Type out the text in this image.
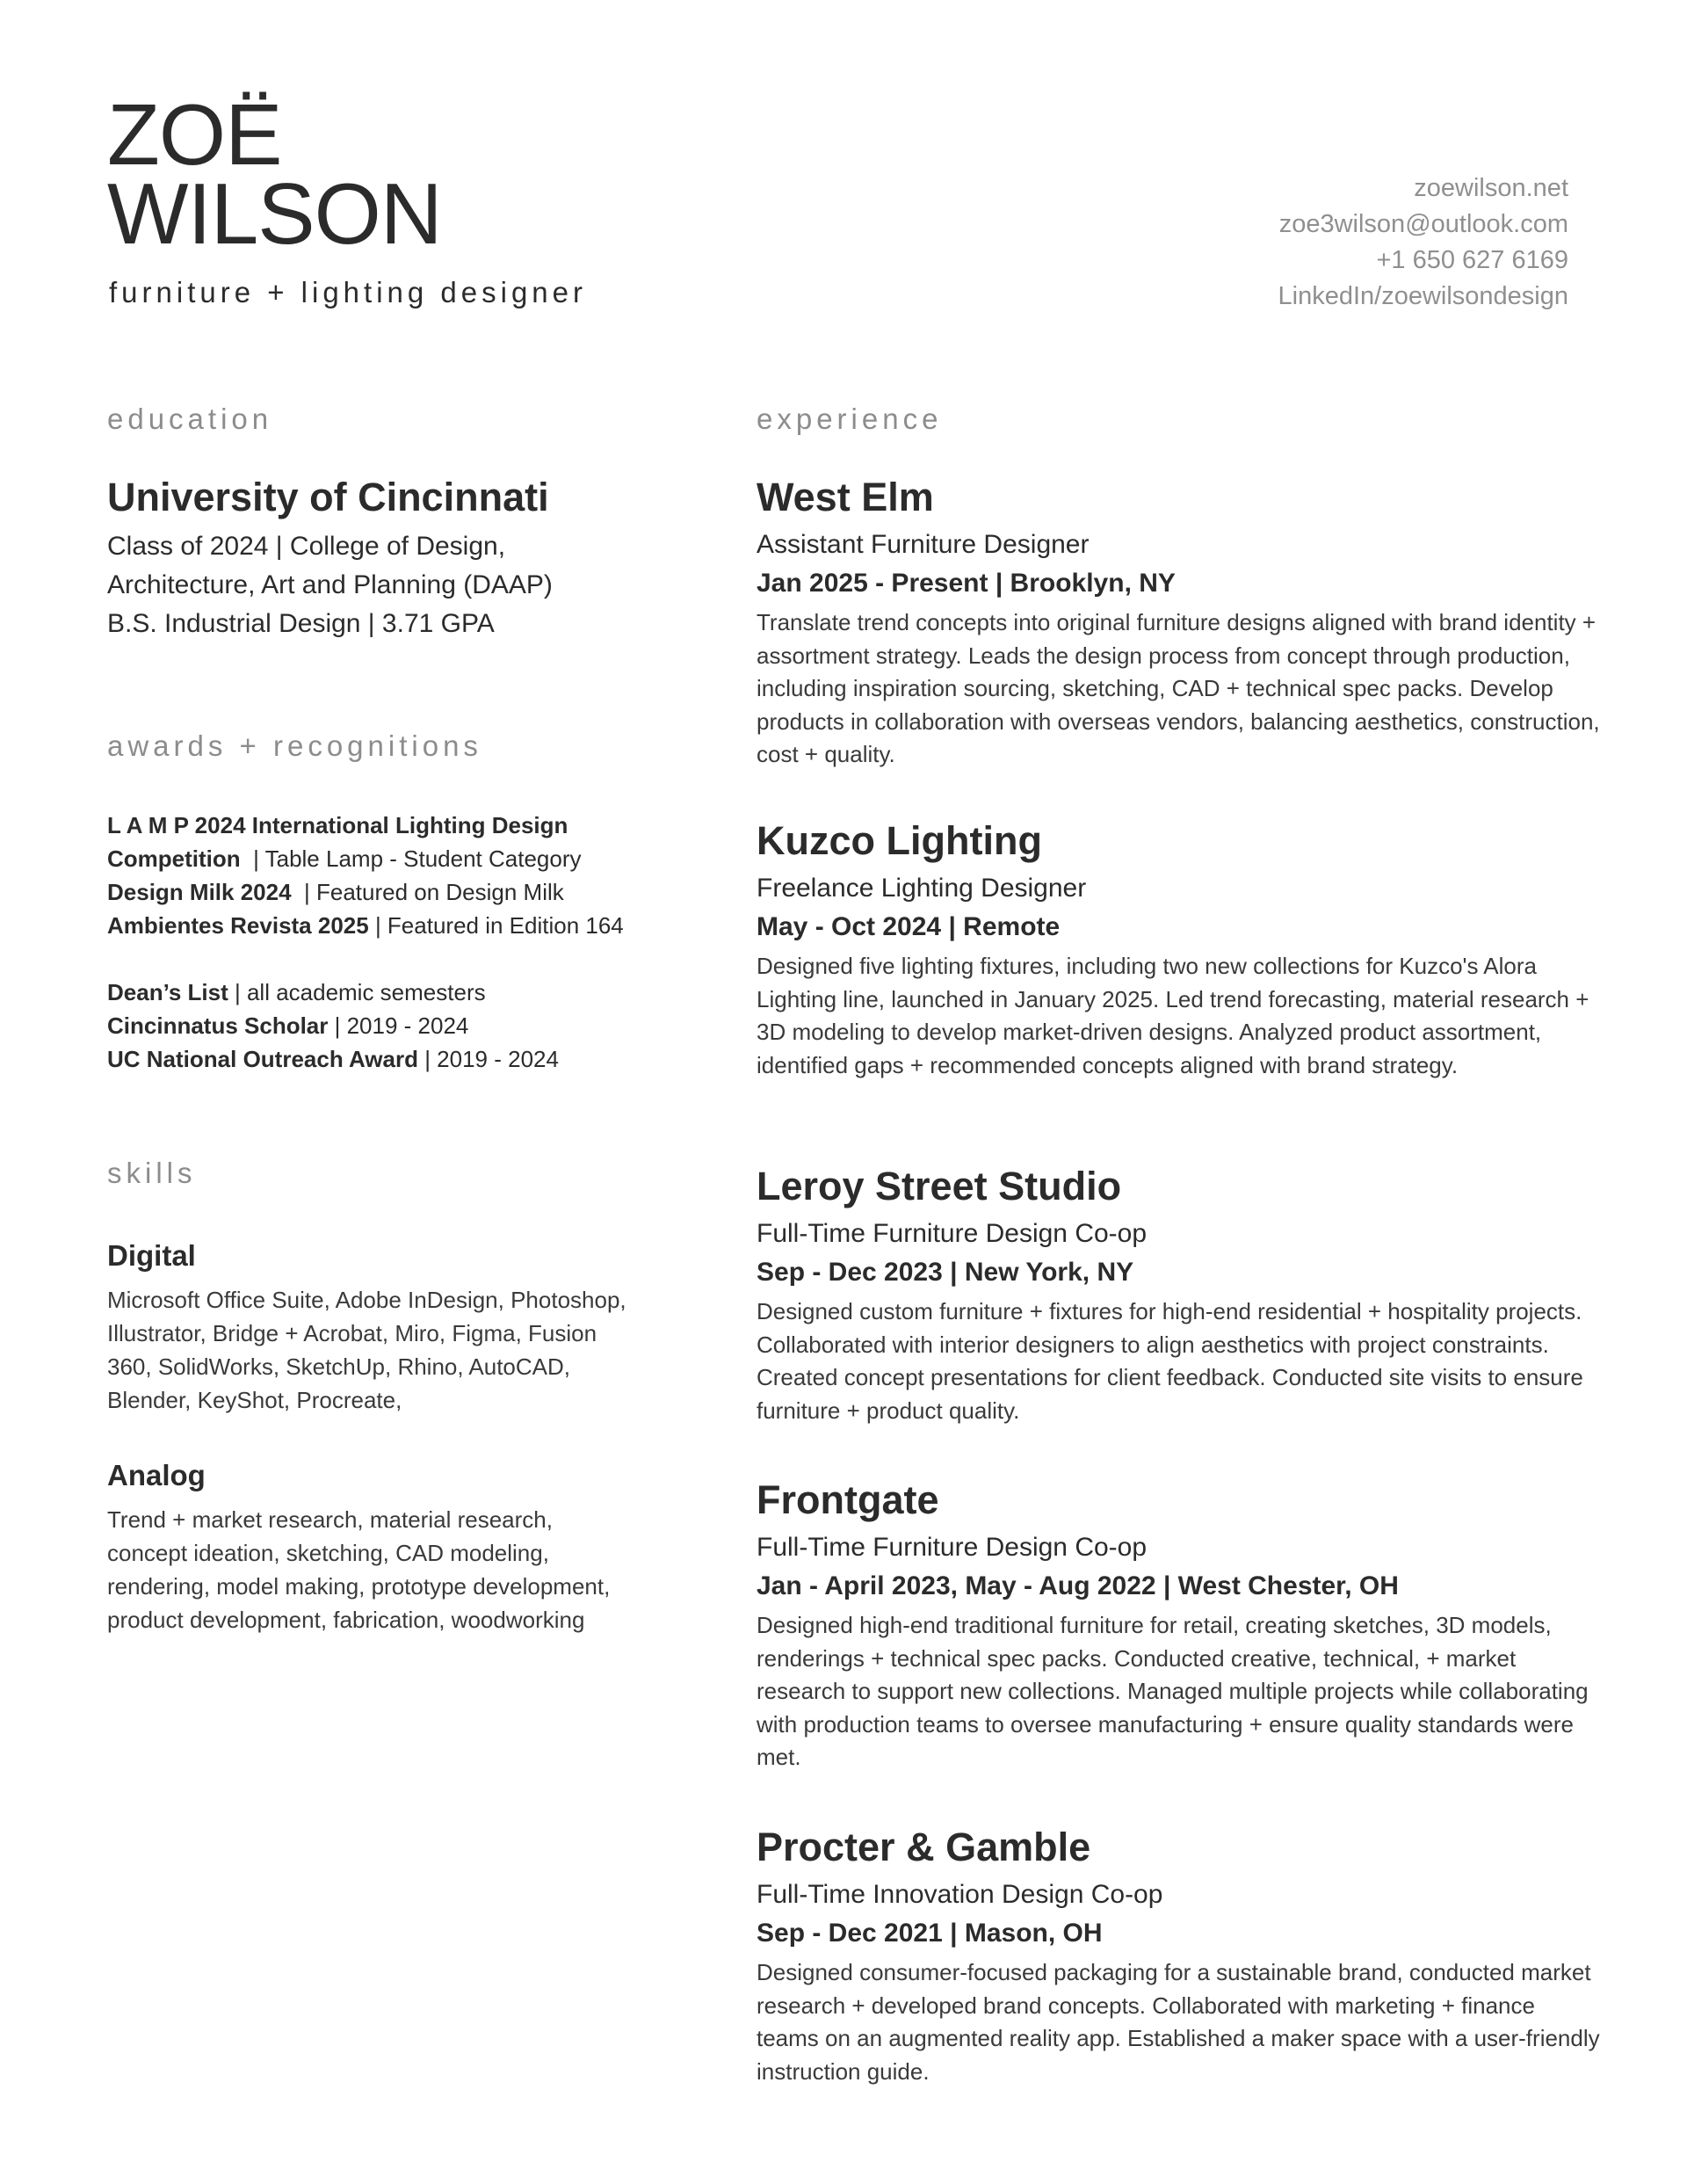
ZOË
WILSON

furniture + lighting designer

zoewilson.net
zoe3wilson@outlook.com
+1 650 627 6169
LinkedIn/zoewilsondesign

education

University of Cincinnati
Class of 2024 | College of Design,
Architecture, Art and Planning (DAAP)
B.S. Industrial Design | 3.71 GPA

awards + recognitions

L A M P 2024 International Lighting Design
Competition  | Table Lamp - Student Category
Design Milk 2024  | Featured on Design Milk
Ambientes Revista 2025 | Featured in Edition 164
Dean’s List | all academic semesters
Cincinnatus Scholar | 2019 - 2024
UC National Outreach Award | 2019 - 2024

skills

Digital

Microsoft Office Suite, Adobe InDesign, Photoshop, Illustrator, Bridge + Acrobat, Miro, Figma, Fusion 360, SolidWorks, SketchUp, Rhino, AutoCAD, Blender, KeyShot, Procreate,

Analog

Trend + market research, material research, concept ideation, sketching, CAD modeling, rendering, model making, prototype development, product development, fabrication, woodworking

experience

West Elm

Assistant Furniture Designer

Jan 2025 - Present | Brooklyn, NY

Translate trend concepts into original furniture designs aligned with brand identity + assortment strategy. Leads the design process from concept through production, including inspiration sourcing, sketching, CAD + technical spec packs. Develop products in collaboration with overseas vendors, balancing aesthetics, construction, cost + quality.

Kuzco Lighting

Freelance Lighting Designer

May - Oct 2024 | Remote

Designed five lighting fixtures, including two new collections for Kuzco's Alora Lighting line, launched in January 2025. Led trend forecasting, material research + 3D modeling to develop market-driven designs. Analyzed product assortment, identified gaps + recommended concepts aligned with brand strategy.

Leroy Street Studio

Full-Time Furniture Design Co-op

Sep - Dec 2023 | New York, NY

Designed custom furniture + fixtures for high-end residential + hospitality projects. Collaborated with interior designers to align aesthetics with project constraints. Created concept presentations for client feedback. Conducted site visits to ensure furniture + product quality.

Frontgate

Full-Time Furniture Design Co-op

Jan - April 2023, May - Aug 2022 | West Chester, OH

Designed high-end traditional furniture for retail, creating sketches, 3D models, renderings + technical spec packs. Conducted creative, technical, + market research to support new collections. Managed multiple projects while collaborating with production teams to oversee manufacturing + ensure quality standards were met.

Procter & Gamble

Full-Time Innovation Design Co-op

Sep - Dec 2021 | Mason, OH

Designed consumer-focused packaging for a sustainable brand, conducted market research + developed brand concepts. Collaborated with marketing + finance teams on an augmented reality app. Established a maker space with a user-friendly instruction guide.
